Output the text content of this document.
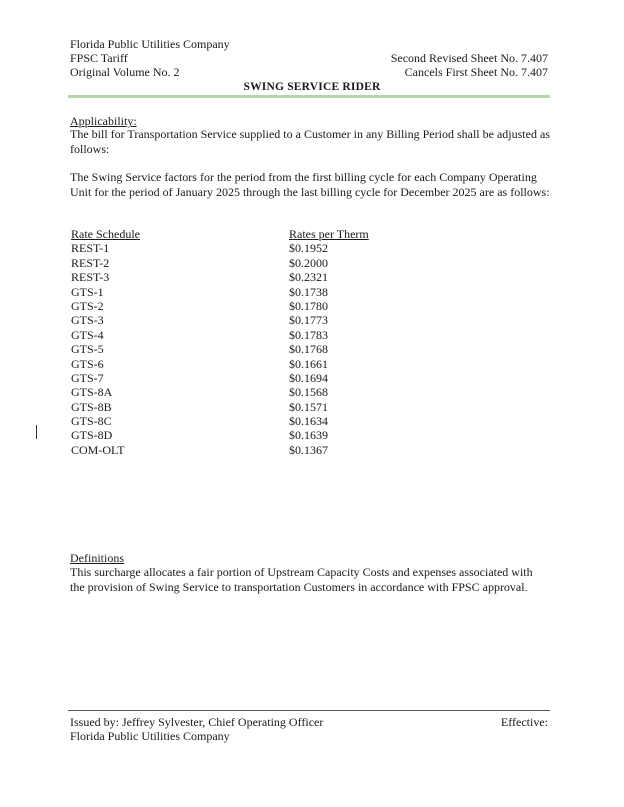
Florida Public Utilities Company
FPSC Tariff
Original Volume No. 2
Second Revised Sheet No. 7.407
Cancels First Sheet No. 7.407
SWING SERVICE RIDER
Applicability:
The bill for Transportation Service supplied to a Customer in any Billing Period shall be adjusted as follows:
The Swing Service factors for the period from the first billing cycle for each Company Operating Unit for the period of January 2025 through the last billing cycle for December 2025 are as follows:
Rate Schedule	Rates per Therm
REST-1	$0.1952
REST-2	$0.2000
REST-3	$0.2321
GTS-1	$0.1738
GTS-2	$0.1780
GTS-3	$0.1773
GTS-4	$0.1783
GTS-5	$0.1768
GTS-6	$0.1661
GTS-7	$0.1694
GTS-8A	$0.1568
GTS-8B	$0.1571
GTS-8C	$0.1634
GTS-8D	$0.1639
COM-OLT	$0.1367
Definitions
This surcharge allocates a fair portion of Upstream Capacity Costs and expenses associated with the provision of Swing Service to transportation Customers in accordance with FPSC approval.
Issued by: Jeffrey Sylvester, Chief Operating Officer
Florida Public Utilities Company
Effective:
